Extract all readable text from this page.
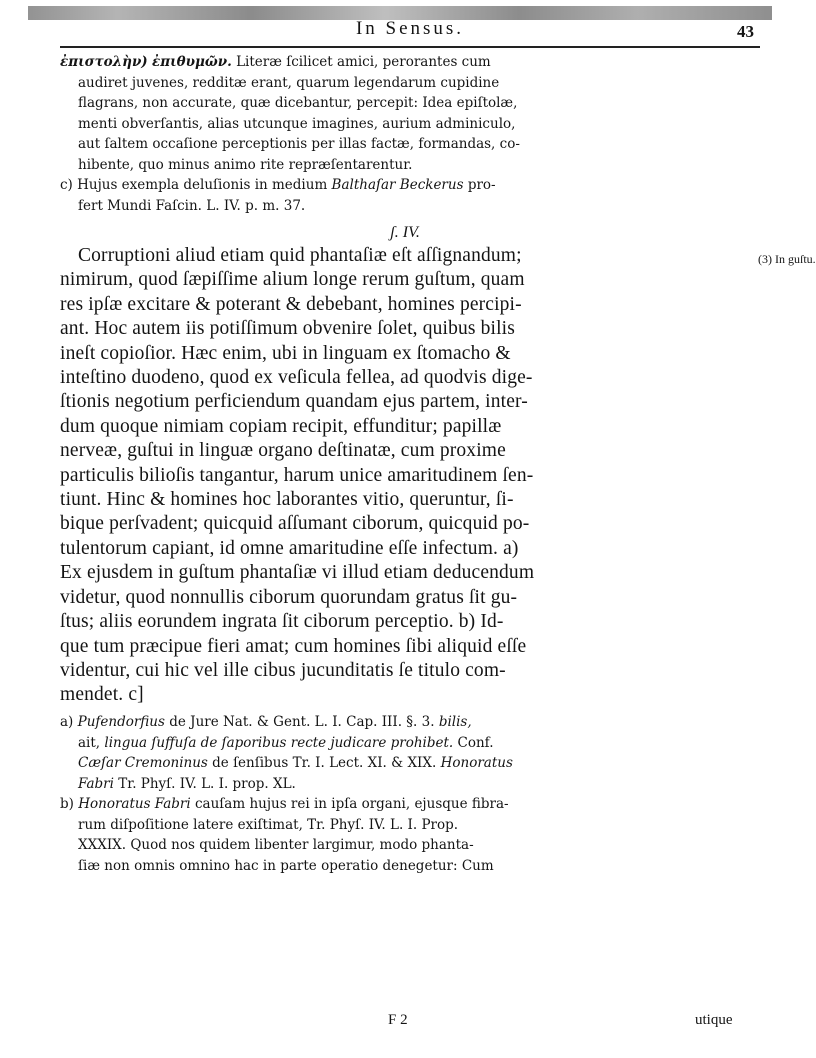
In Sensus.	43
ἐπιστολὴν) ἐπιθυμῶν. Literæ ſcilicet amici, perorantes cum
audiret juvenes, redditæ erant, quarum legendarum cupidine
flagrans, non accurate, quæ dicebantur, percepit: Idea epiſtolæ,
menti obverſantis, alias utcunque imagines, aurium adminiculo,
aut ſaltem occaſione perceptionis per illas factæ, formandas, co-
hibente, quo minus animo rite repræſentarentur.
c) Hujus exempla deluſionis in medium Balthaſar Beckerus pro-
fert Mundi Faſcin. L. IV. p. m. 37.
ʃ. IV.
(3) In guſtu.
Corruptioni aliud etiam quid phantaſiæ eſt aſſignandum;
nimirum, quod ſæpiſſime alium longe rerum guſtum, quam
res ipſæ excitare & poterant & debebant, homines percipi-
ant. Hoc autem iis potiſſimum obvenire ſolet, quibus bilis
ineſt copioſior. Hæc enim, ubi in linguam ex ſtomacho &
inteſtino duodeno, quod ex veſicula fellea, ad quodvis dige-
ſtionis negotium perficiendum quandam ejus partem, inter-
dum quoque nimiam copiam recipit, effunditur; papillæ
nerveæ, guſtui in linguæ organo deſtinatæ, cum proxime
particulis bilioſis tangantur, harum unice amaritudinem ſen-
tiunt. Hinc & homines hoc laborantes vitio, queruntur, ſi-
bique perſvadent; quicquid aſſumant ciborum, quicquid po-
tulentorum capiant, id omne amaritudine eſſe infectum. a)
Ex ejusdem in guſtum phantaſiæ vi illud etiam deducendum
videtur, quod nonnullis ciborum quorundam gratus ſit gu-
ſtus; aliis eorundem ingrata ſit ciborum perceptio. b) Id-
que tum præcipue fieri amat; cum homines ſibi aliquid eſſe
videntur, cui hic vel ille cibus jucunditatis ſe titulo com-
mendet. c]
a) Pufendorfius de Jure Nat. & Gent. L. I. Cap. III. §. 3. bilis,
ait, lingua ſuffuſa de ſaporibus recte judicare prohibet. Conf.
Cæſar Cremoninus de ſenſibus Tr. I. Lect. XI. & XIX. Honoratus
Fabri Tr. Phyſ. IV. L. I. prop. XL.
b) Honoratus Fabri cauſam hujus rei in ipſa organi, ejusque fibra-
rum diſpoſitione latere exiſtimat, Tr. Phyſ. IV. L. I. Prop.
XXXIX. Quod nos quidem libenter largimur, modo phanta-
ſiæ non omnis omnino hac in parte operatio denegetur: Cum
F 2	utique
